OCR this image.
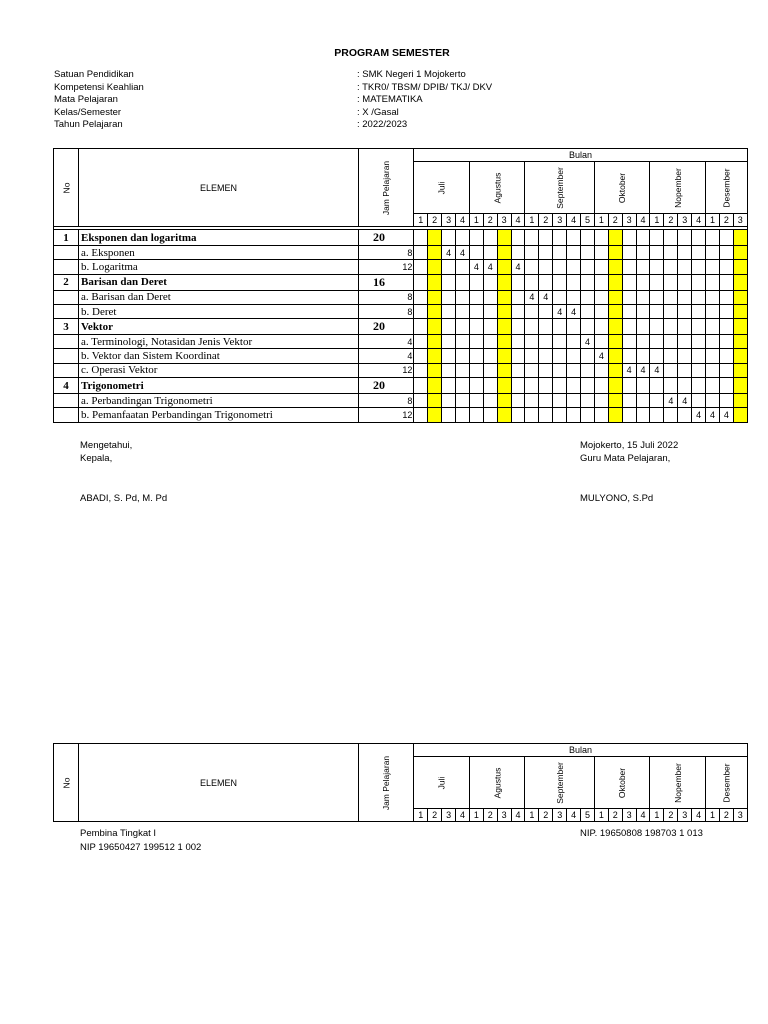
PROGRAM SEMESTER
Satuan Pendidikan	: SMK Negeri 1 Mojokerto
Kompetensi Keahlian	: TKR0/ TBSM/ DPIB/ TKJ/ DKV
Mata Pelajaran	: MATEMATIKA
Kelas/Semester	: X /Gasal
Tahun Pelajaran	: 2022/2023
No	ELEMEN	Jam Pelajaran	Bulan																							
			Juli				Agustus				September					Oktober				Nopember				Desember		
			1	2	3	4	1	2	3	4	1	2	3	4	5	1	2	3	4	1	2	3	4	1	2	3

1	Eksponen dan logaritma	20																								
	a. Eksponen	8			4	4																				
	b. Logaritma	12					4	4		4																
2	Barisan dan Deret	16																								
	a. Barisan dan Deret	8									4	4														
	b. Deret	8											4	4												
3	Vektor	20																								
	a. Terminologi, Notasidan Jenis Vektor	4													4											
	b. Vektor dan Sistem Koordinat	4														4										
	c. Operasi Vektor	12																4	4	4						
4	Trigonometri	20																								
	a. Perbandingan Trigonometri	8																			4	4				
	b. Pemanfaatan Perbandingan Trigonometri	12																					4	4	4	
Mengetahui,
Kepala,
ABADI, S. Pd, M. Pd
Mojokerto, 15 Juli 2022
Guru Mata Pelajaran,
MULYONO, S.Pd
No	ELEMEN	Jam Pelajaran	Bulan																							
			Juli				Agustus				September					Oktober				Nopember				Desember		
			1	2	3	4	1	2	3	4	1	2	3	4	5	1	2	3	4	1	2	3	4	1	2	3
Pembina Tingkat I
NIP 19650427 199512 1 002
NIP. 19650808 198703 1 013
